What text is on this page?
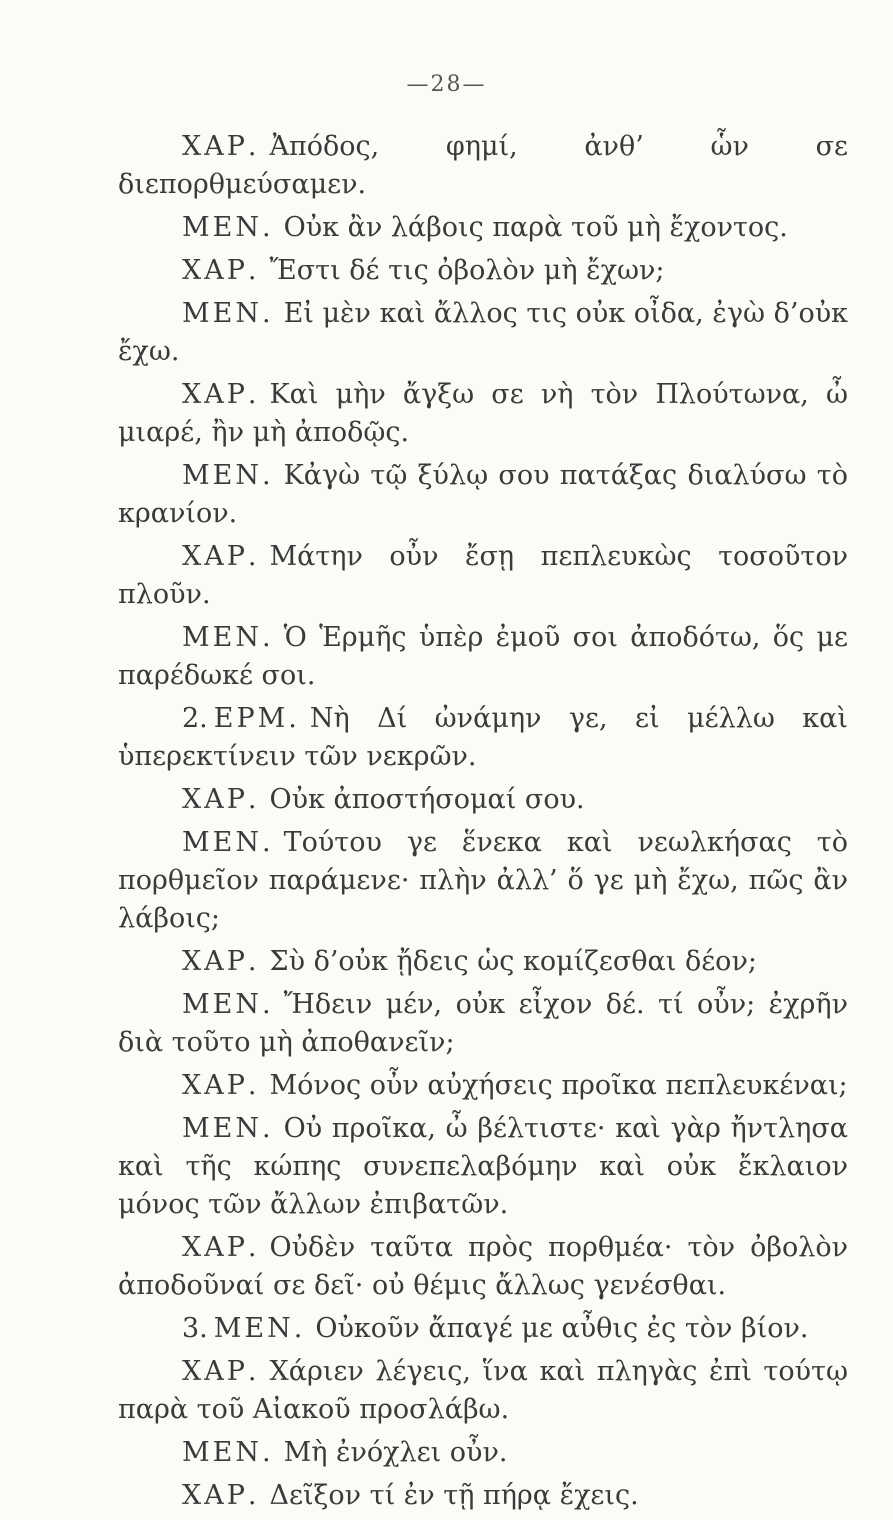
—28—

ΧΑΡ. Ἀπόδος, φημί, ἀνθ’ ὧν σε διεπορθμεύσαμεν.

ΜΕΝ. Οὐκ ἂν λάβοις παρὰ τοῦ μὴ ἔχοντος.

ΧΑΡ. Ἔστι δέ τις ὀβολὸν μὴ ἔχων;

ΜΕΝ. Εἰ μὲν καὶ ἄλλος τις οὐκ οἶδα, ἐγὼ δ’οὐκ ἔχω.

ΧΑΡ. Καὶ μὴν ἄγξω σε νὴ τὸν Πλούτωνα, ὦ μιαρέ, ἢν μὴ ἀποδῷς.

ΜΕΝ. Κἀγὼ τῷ ξύλῳ σου πατάξας διαλύσω τὸ κρανίον.

ΧΑΡ. Μάτην οὖν ἔσῃ πεπλευκὼς τοσοῦτον πλοῦν.

ΜΕΝ. Ὁ Ἑρμῆς ὑπὲρ ἐμοῦ σοι ἀποδότω, ὅς με παρέδωκέ σοι.

2. ΕΡΜ. Νὴ Δί ὠνάμην γε, εἰ μέλλω καὶ ὑπερεκτίνειν τῶν νεκρῶν.

ΧΑΡ. Οὐκ ἀποστήσομαί σου.

ΜΕΝ. Τούτου γε ἕνεκα καὶ νεωλκήσας τὸ πορθμεῖον παράμενε· πλὴν ἀλλ’ ὅ γε μὴ ἔχω, πῶς ἂν λάβοις;

ΧΑΡ. Σὺ δ’οὐκ ᾔδεις ὡς κομίζεσθαι δέον;

ΜΕΝ. Ἤδειν μέν, οὐκ εἶχον δέ. τί οὖν; ἐχρῆν διὰ τοῦτο μὴ ἀποθανεῖν;

ΧΑΡ. Μόνος οὖν αὐχήσεις προῖκα πεπλευκέναι;

ΜΕΝ. Οὐ προῖκα, ὦ βέλτιστε· καὶ γὰρ ἤντλησα καὶ τῆς κώπης συνεπελαβόμην καὶ οὐκ ἔκλαιον μόνος τῶν ἄλλων ἐπιβατῶν.

ΧΑΡ. Οὐδὲν ταῦτα πρὸς πορθμέα· τὸν ὀβολὸν ἀποδοῦναί σε δεῖ· οὐ θέμις ἄλλως γενέσθαι.

3. ΜΕΝ. Οὐκοῦν ἄπαγέ με αὖθις ἐς τὸν βίον.

ΧΑΡ. Χάριεν λέγεις, ἵνα καὶ πληγὰς ἐπὶ τούτῳ παρὰ τοῦ Αἰακοῦ προσλάβω.

ΜΕΝ. Μὴ ἐνόχλει οὖν.

ΧΑΡ. Δεῖξον τί ἐν τῇ πήρᾳ ἔχεις.
